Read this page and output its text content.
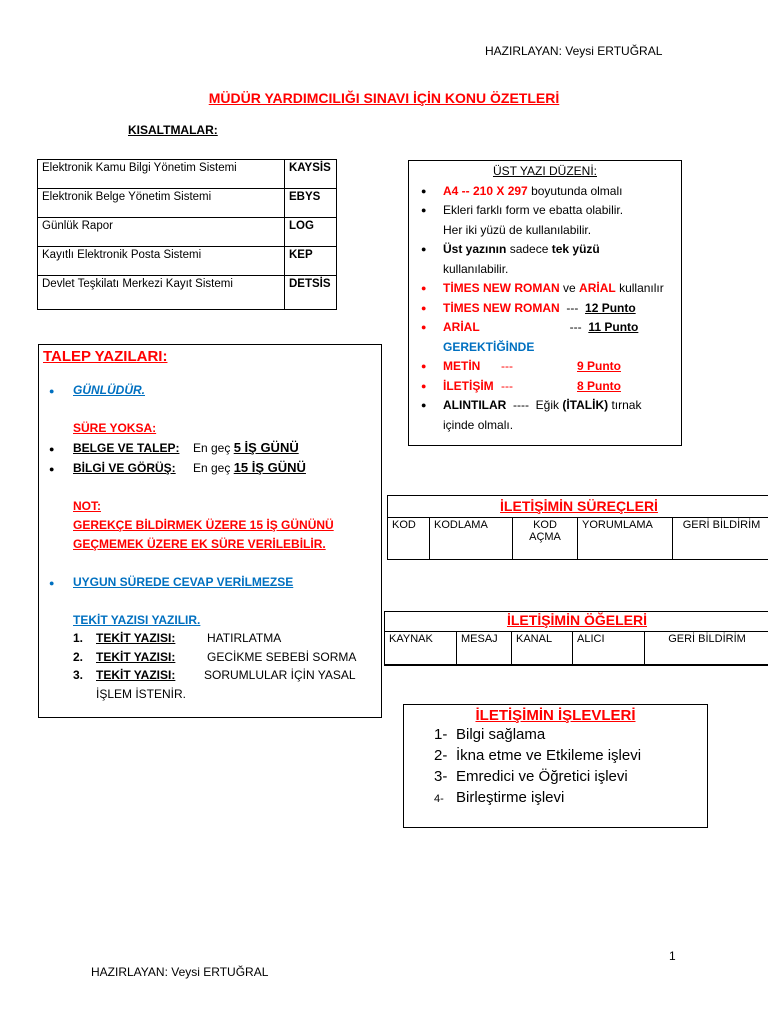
HAZIRLAYAN: Veysi ERTUĞRAL
MÜDÜR YARDIMCILIĞI SINAVI İÇİN KONU ÖZETLERİ
KISALTMALAR:
Elektronik Kamu Bilgi Yönetim Sistemi	KAYSİS
Elektronik Belge Yönetim Sistemi	EBYS
Günlük Rapor	LOG
Kayıtlı Elektronik Posta Sistemi	KEP
Devlet Teşkilatı Merkezi Kayıt Sistemi	DETSİS
ÜST YAZI DÜZENİ:
● A4 -- 210 X 297 boyutunda olmalı
● Ekleri farklı form ve ebatta olabilir.
Her iki yüzü de kullanılabilir.
● Üst yazının sadece tek yüzü
kullanılabilir.
● TİMES NEW ROMAN ve ARİAL kullanılır
● TİMES NEW ROMAN --- 12 Punto
● ARİAL	--- 11 Punto
GEREKTİĞİNDE
● METİN ---	9 Punto
● İLETİŞİM ---	8 Punto
● ALINTILAR ---- Eğik (İTALİK) tırnak
içinde olmalı.
TALEP YAZILARI:
● GÜNLÜDÜR.
SÜRE YOKSA:
● BELGE VE TALEP: En geç 5 İŞ GÜNÜ
● BİLGİ VE GÖRÜŞ: En geç 15 İŞ GÜNÜ
NOT:
GEREKÇE BİLDİRMEK ÜZERE 15 İŞ GÜNÜNÜ
GEÇMEMEK ÜZERE EK SÜRE VERİLEBİLİR.
● UYGUN SÜREDE CEVAP VERİLMEZSE
TEKİT YAZISI YAZILIR.
1. TEKİT YAZISI:	HATIRLATMA
2. TEKİT YAZISI:	GECİKME SEBEBİ SORMA
3. TEKİT YAZISI: SORUMLULAR İÇİN YASAL
İŞLEM İSTENİR.
İLETİŞİMİN SÜREÇLERİ
KOD	KODLAMA	KOD AÇMA	YORUMLAMA	GERİ BİLDİRİM
İLETİŞİMİN ÖĞELERİ
KAYNAK	MESAJ	KANAL	ALICI	GERİ BİLDİRİM
İLETİŞİMİN İŞLEVLERİ
1- Bilgi sağlama
2- İkna etme ve Etkileme işlevi
3- Emredici ve Öğretici işlevi
4- Birleştirme işlevi
1
HAZIRLAYAN: Veysi ERTUĞRAL
